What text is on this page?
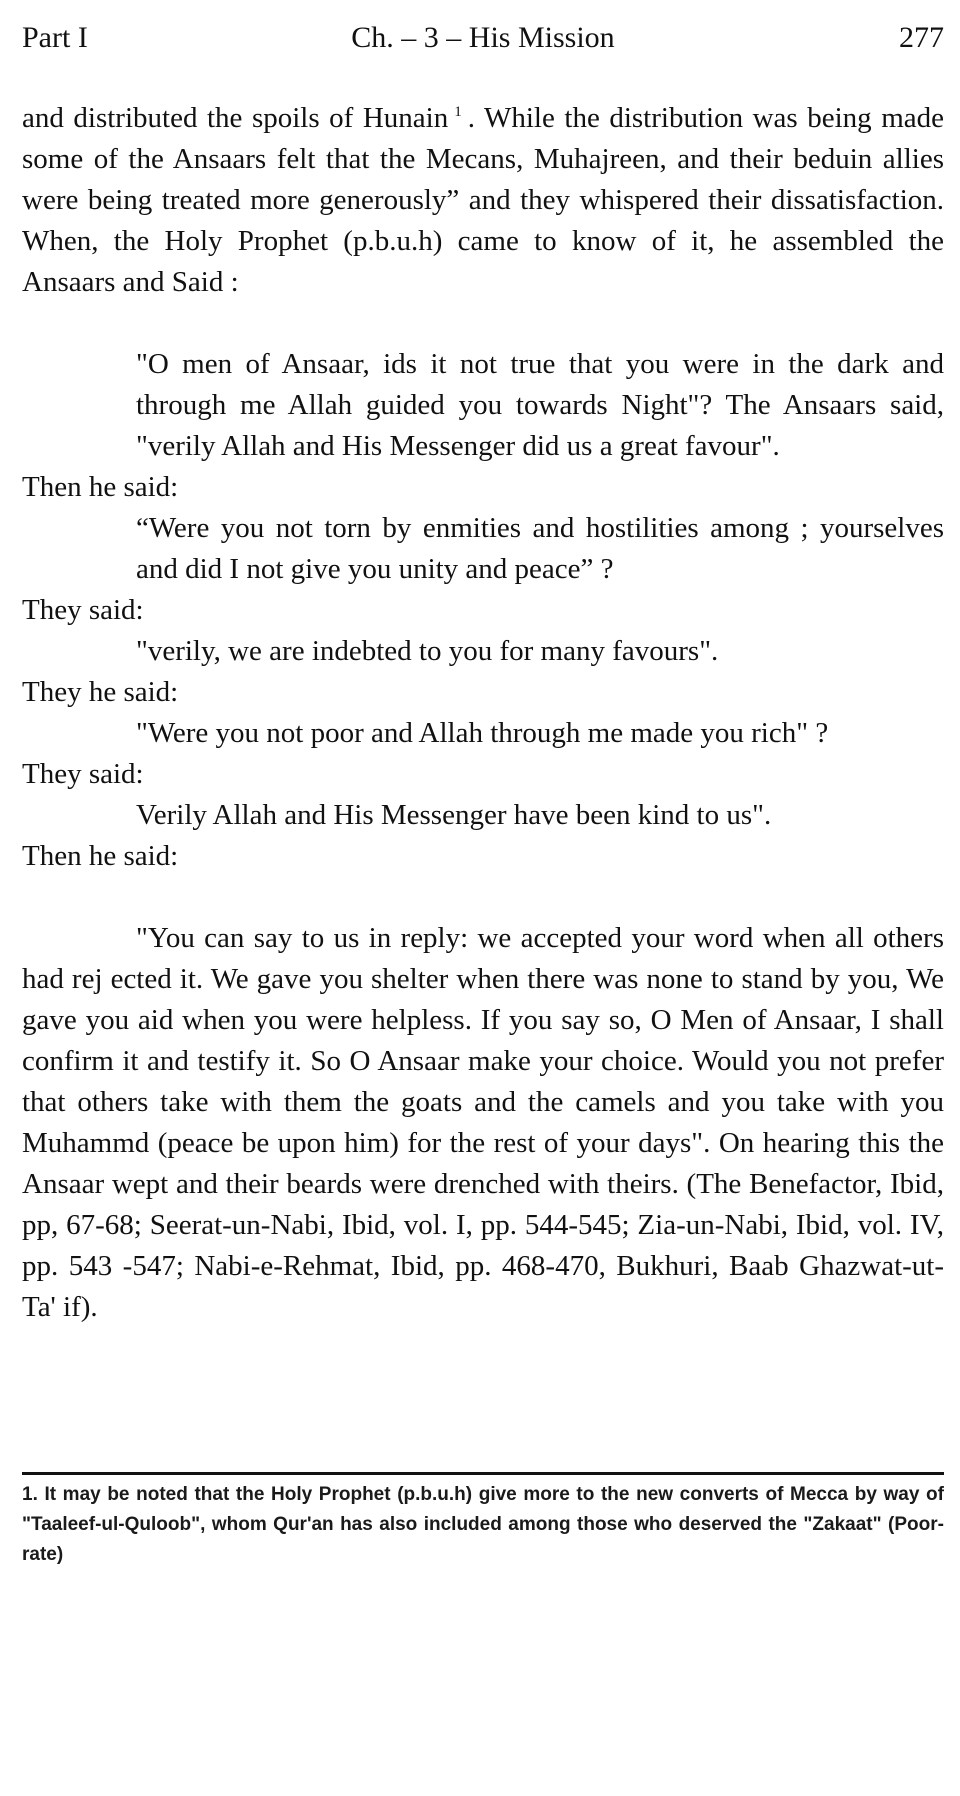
Part I	Ch. – 3 – His Mission	277

and distributed the spoils of Hunain $^1$ . While the distribution was being made some of the Ansaars felt that the Mecans, Muhajreen, and their beduin allies were being treated more generously” and they whispered their dissatisfaction. When, the Holy Prophet (p.b.u.h) came to know of it, he assembled the Ansaars and Said :

"O men of Ansaar, ids it not true that you were in the dark and through me Allah guided you towards Night"? The Ansaars said, "verily Allah and His Messenger did us a great favour".

Then he said:

“Were you not torn by enmities and hostilities among ; yourselves and did I not give you unity and peace” ?

They said:

"verily, we are indebted to you for many favours".

They he said:

"Were you not poor and Allah through me made you rich" ?

They said:

Verily Allah and His Messenger have been kind to us".

Then he said:

"You can say to us in reply: we accepted your word when all others had rej ected it. We gave you shelter when there was none to stand by you, We gave you aid when you were helpless. If you say so, O Men of Ansaar, I shall confirm it and testify it. So O Ansaar make your choice. Would you not prefer that others take with them the goats and the camels and you take with you Muhammd (peace be upon him) for the rest of your days". On hearing this the Ansaar wept and their beards were drenched with theirs. (The Benefactor, Ibid, pp, 67-68; Seerat-un-Nabi, Ibid, vol. I, pp. 544-545; Zia-un-Nabi, Ibid, vol. IV, pp. 543 -547; Nabi-e-Rehmat, Ibid, pp. 468-470, Bukhuri, Baab Ghazwat-ut-Ta' if).

1. It may be noted that the Holy Prophet (p.b.u.h) give more to the new converts of Mecca by way of "Taaleef-ul-Quloob", whom Qur'an has also included among those who deserved the "Zakaat" (Poor-rate)
